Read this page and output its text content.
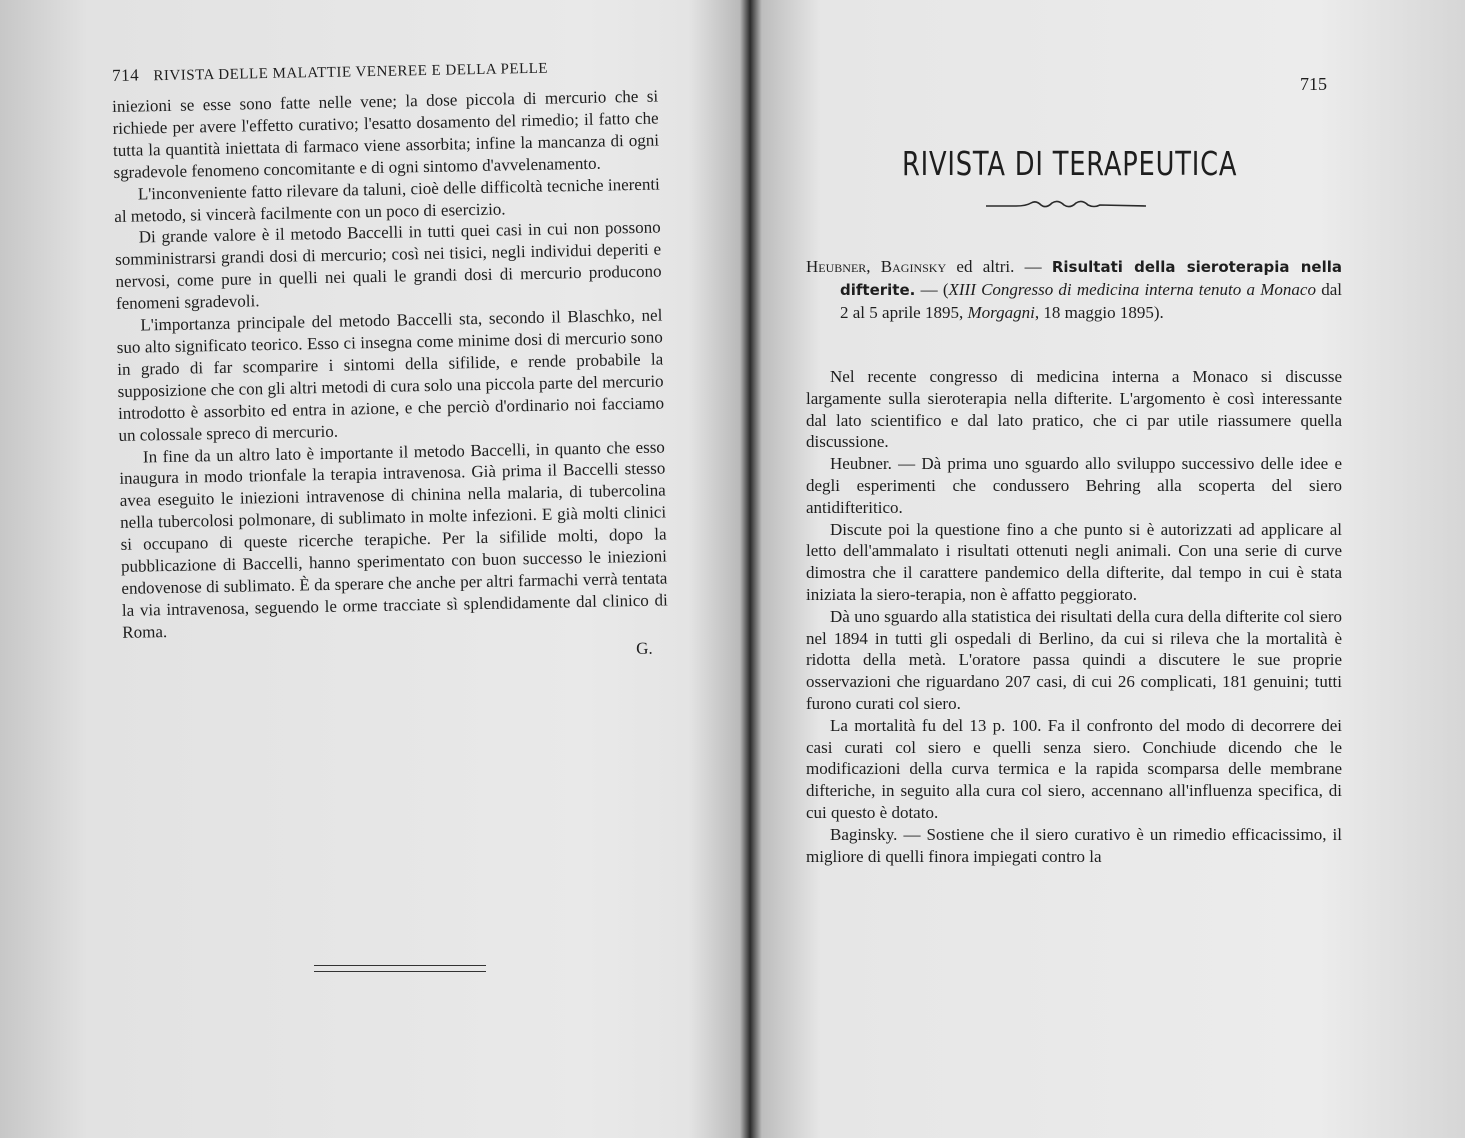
714 RIVISTA DELLE MALATTIE VENEREE E DELLA PELLE

iniezioni se esse sono fatte nelle vene; la dose piccola di mercurio che si richiede per avere l'effetto curativo; l'esatto dosamento del rimedio; il fatto che tutta la quantità iniettata di farmaco viene assorbita; infine la mancanza di ogni sgradevole fenomeno concomitante e di ogni sintomo d'avvelenamento.

L'inconveniente fatto rilevare da taluni, cioè delle difficoltà tecniche inerenti al metodo, si vincerà facilmente con un poco di esercizio.

Di grande valore è il metodo Baccelli in tutti quei casi in cui non possono somministrarsi grandi dosi di mercurio; così nei tisici, negli individui deperiti e nervosi, come pure in quelli nei quali le grandi dosi di mercurio producono fenomeni sgradevoli.

L'importanza principale del metodo Baccelli sta, secondo il Blaschko, nel suo alto significato teorico. Esso ci insegna come minime dosi di mercurio sono in grado di far scomparire i sintomi della sifilide, e rende probabile la supposizione che con gli altri metodi di cura solo una piccola parte del mercurio introdotto è assorbito ed entra in azione, e che perciò d'ordinario noi facciamo un colossale spreco di mercurio.

In fine da un altro lato è importante il metodo Baccelli, in quanto che esso inaugura in modo trionfale la terapia intravenosa. Già prima il Baccelli stesso avea eseguito le iniezioni intravenose di chinina nella malaria, di tubercolina nella tubercolosi polmonare, di sublimato in molte infezioni. E già molti clinici si occupano di queste ricerche terapiche. Per la sifilide molti, dopo la pubblicazione di Baccelli, hanno sperimentato con buon successo le iniezioni endovenose di sublimato. È da sperare che anche per altri farmachi verrà tentata la via intravenosa, seguendo le orme tracciate sì splendidamente dal clinico di Roma.

G.

715
RIVISTA DI TERAPEUTICA

Heubner, Baginsky ed altri. — Risultati della sieroterapia nella difterite. — (XIII Congresso di medicina interna tenuto a Monaco dal 2 al 5 aprile 1895, Morgagni, 18 maggio 1895).

Nel recente congresso di medicina interna a Monaco si discusse largamente sulla sieroterapia nella difterite. L'argomento è così interessante dal lato scientifico e dal lato pratico, che ci par utile riassumere quella discussione.

Heubner. — Dà prima uno sguardo allo sviluppo successivo delle idee e degli esperimenti che condussero Behring alla scoperta del siero antidifteritico.

Discute poi la questione fino a che punto si è autorizzati ad applicare al letto dell'ammalato i risultati ottenuti negli animali. Con una serie di curve dimostra che il carattere pandemico della difterite, dal tempo in cui è stata iniziata la siero-terapia, non è affatto peggiorato.

Dà uno sguardo alla statistica dei risultati della cura della difterite col siero nel 1894 in tutti gli ospedali di Berlino, da cui si rileva che la mortalità è ridotta della metà. L'oratore passa quindi a discutere le sue proprie osservazioni che riguardano 207 casi, di cui 26 complicati, 181 genuini; tutti furono curati col siero.

La mortalità fu del 13 p. 100. Fa il confronto del modo di decorrere dei casi curati col siero e quelli senza siero. Conchiude dicendo che le modificazioni della curva termica e la rapida scomparsa delle membrane difteriche, in seguito alla cura col siero, accennano all'influenza specifica, di cui questo è dotato.

Baginsky. — Sostiene che il siero curativo è un rimedio efficacissimo, il migliore di quelli finora impiegati contro la
